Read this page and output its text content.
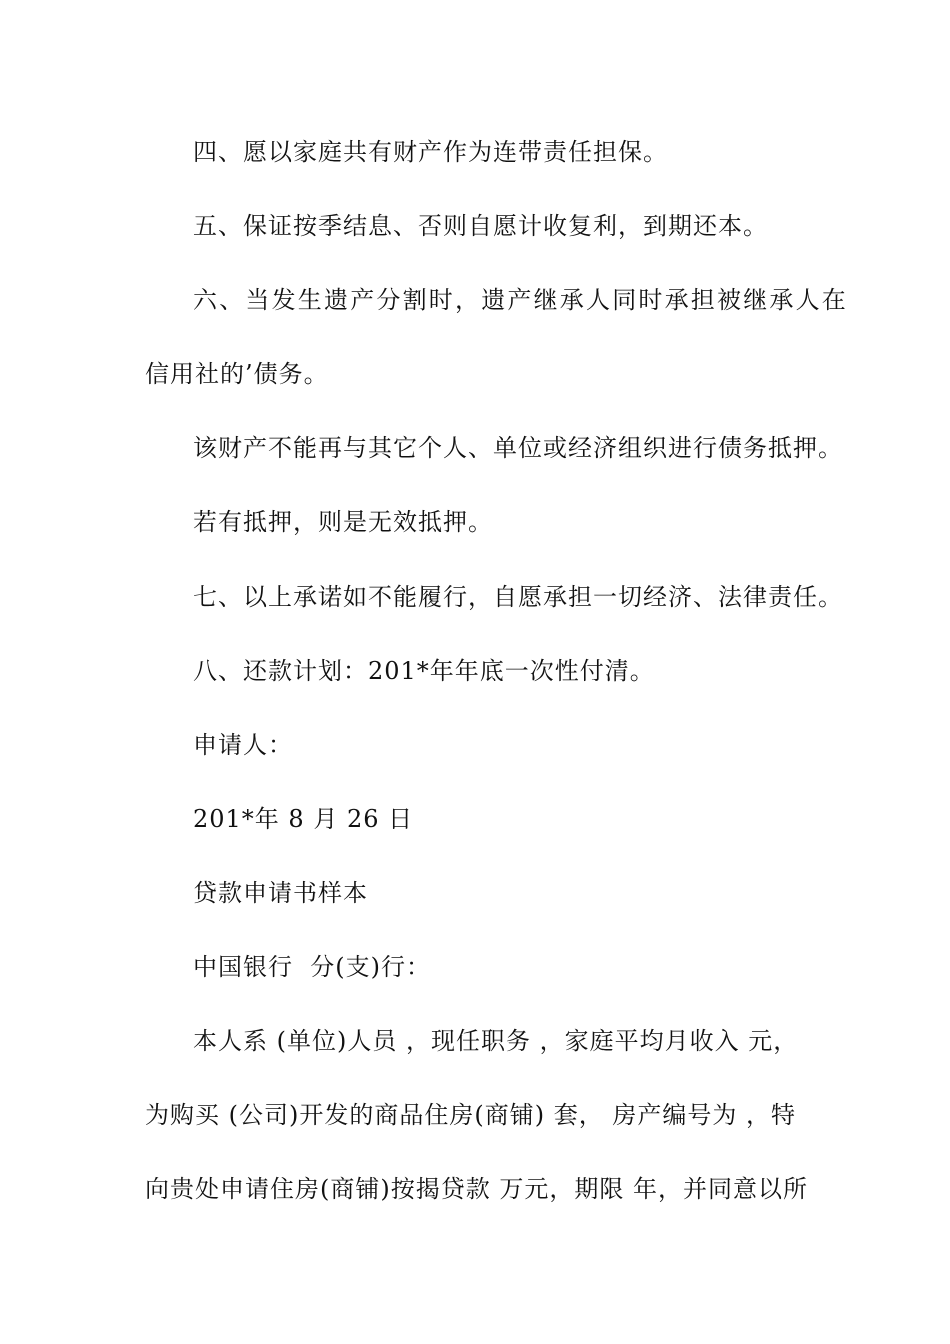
四、愿以家庭共有财产作为连带责任担保。
五、保证按季结息、否则自愿计收复利，到期还本。
六、当发生遗产分割时，遗产继承人同时承担被继承人在
信用社的’债务。
该财产不能再与其它个人、单位或经济组织进行债务抵押。
若有抵押，则是无效抵押。
七、以上承诺如不能履行，自愿承担一切经济、法律责任。
八、还款计划：201*年年底一次性付清。
申请人：
201*年 8 月 26 日
贷款申请书样本
中国银行  分(支)行：
本人系 (单位)人员 ，现任职务 ，家庭平均月收入 元，
为购买 (公司)开发的商品住房(商铺) 套， 房产编号为 ，特
向贵处申请住房(商铺)按揭贷款 万元，期限 年，并同意以所
